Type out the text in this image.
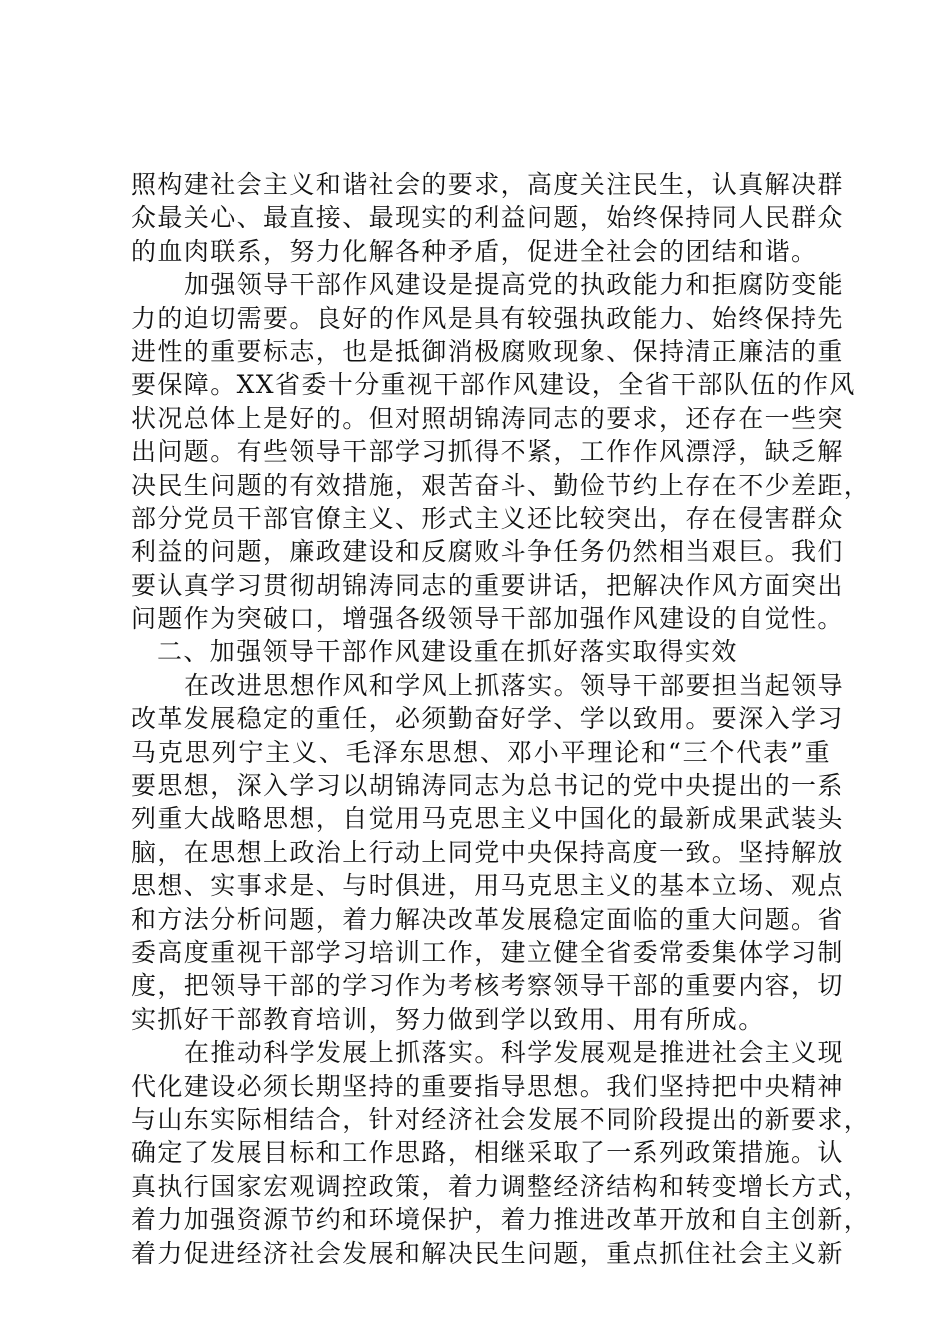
照构建社会主义和谐社会的要求，高度关注民生，认真解决群
众最关心、最直接、最现实的利益问题，始终保持同人民群众
的血肉联系，努力化解各种矛盾，促进全社会的团结和谐。
加强领导干部作风建设是提高党的执政能力和拒腐防变能
力的迫切需要。良好的作风是具有较强执政能力、始终保持先
进性的重要标志，也是抵御消极腐败现象、保持清正廉洁的重
要保障。XX省委十分重视干部作风建设，全省干部队伍的作风
状况总体上是好的。但对照胡锦涛同志的要求，还存在一些突
出问题。有些领导干部学习抓得不紧，工作作风漂浮，缺乏解
决民生问题的有效措施，艰苦奋斗、勤俭节约上存在不少差距，
部分党员干部官僚主义、形式主义还比较突出，存在侵害群众
利益的问题，廉政建设和反腐败斗争任务仍然相当艰巨。我们
要认真学习贯彻胡锦涛同志的重要讲话，把解决作风方面突出
问题作为突破口，增强各级领导干部加强作风建设的自觉性。
二、加强领导干部作风建设重在抓好落实取得实效
在改进思想作风和学风上抓落实。领导干部要担当起领导
改革发展稳定的重任，必须勤奋好学、学以致用。要深入学习
马克思列宁主义、毛泽东思想、邓小平理论和“三个代表”重
要思想，深入学习以胡锦涛同志为总书记的党中央提出的一系
列重大战略思想，自觉用马克思主义中国化的最新成果武装头
脑，在思想上政治上行动上同党中央保持高度一致。坚持解放
思想、实事求是、与时俱进，用马克思主义的基本立场、观点
和方法分析问题，着力解决改革发展稳定面临的重大问题。省
委高度重视干部学习培训工作，建立健全省委常委集体学习制
度，把领导干部的学习作为考核考察领导干部的重要内容，切
实抓好干部教育培训，努力做到学以致用、用有所成。
在推动科学发展上抓落实。科学发展观是推进社会主义现
代化建设必须长期坚持的重要指导思想。我们坚持把中央精神
与山东实际相结合，针对经济社会发展不同阶段提出的新要求，
确定了发展目标和工作思路，相继采取了一系列政策措施。认
真执行国家宏观调控政策，着力调整经济结构和转变增长方式，
着力加强资源节约和环境保护，着力推进改革开放和自主创新，
着力促进经济社会发展和解决民生问题，重点抓住社会主义新
